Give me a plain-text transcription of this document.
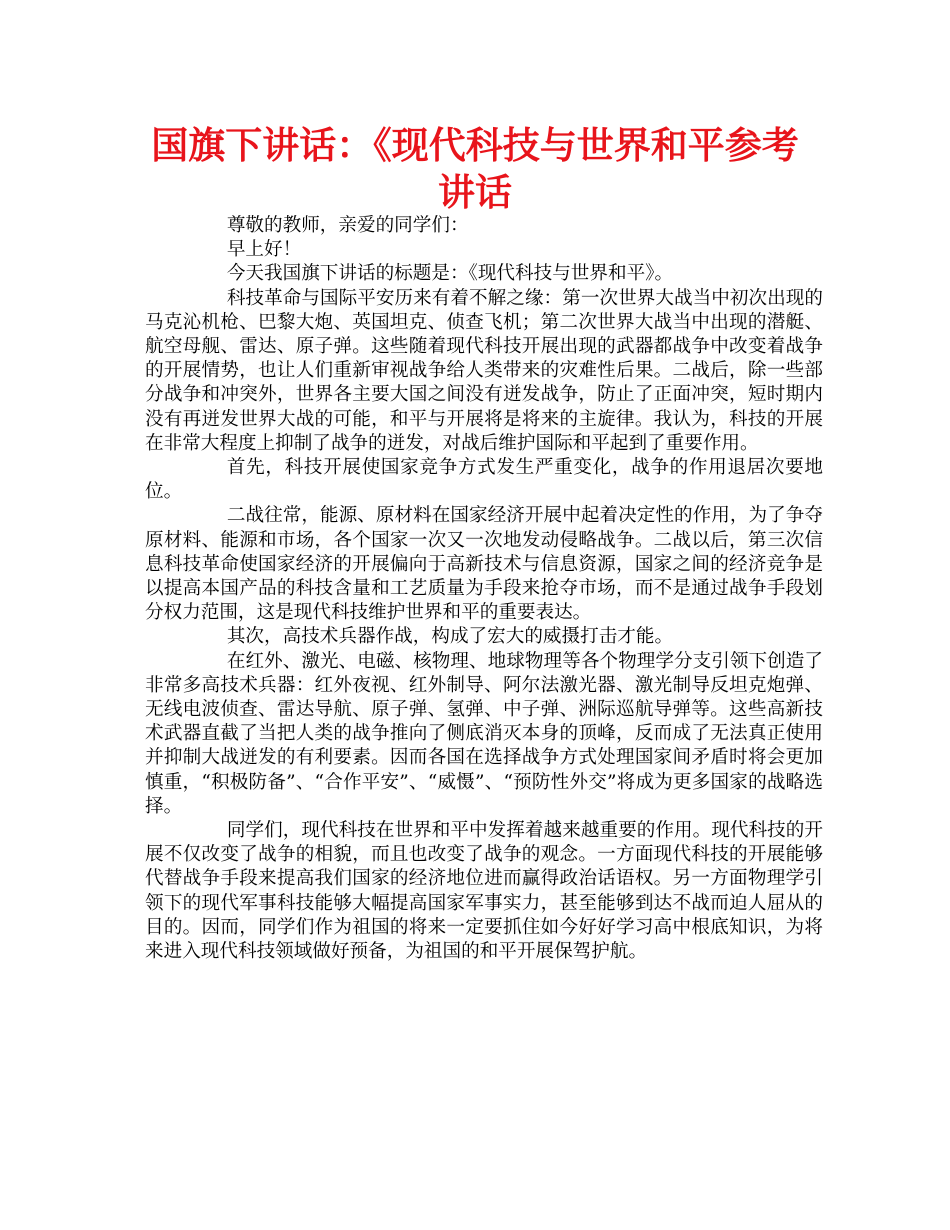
国旗下讲话：《现代科技与世界和平参考讲话

尊敬的教师，亲爱的同学们：

早上好！

今天我国旗下讲话的标题是：《现代科技与世界和平》。

科技革命与国际平安历来有着不解之缘：第一次世界大战当中初次出现的马克沁机枪、巴黎大炮、英国坦克、侦查飞机；第二次世界大战当中出现的潜艇、航空母舰、雷达、原子弹。这些随着现代科技开展出现的武器都战争中改变着战争的开展情势，也让人们重新审视战争给人类带来的灾难性后果。二战后，除一些部分战争和冲突外，世界各主要大国之间没有迸发战争，防止了正面冲突，短时期内没有再迸发世界大战的可能，和平与开展将是将来的主旋律。我认为，科技的开展在非常大程度上抑制了战争的迸发，对战后维护国际和平起到了重要作用。

首先，科技开展使国家竞争方式发生严重变化，战争的作用退居次要地位。

二战往常，能源、原材料在国家经济开展中起着决定性的作用，为了争夺原材料、能源和市场，各个国家一次又一次地发动侵略战争。二战以后，第三次信息科技革命使国家经济的开展偏向于高新技术与信息资源，国家之间的经济竞争是以提高本国产品的科技含量和工艺质量为手段来抢夺市场，而不是通过战争手段划分权力范围，这是现代科技维护世界和平的重要表达。

其次，高技术兵器作战，构成了宏大的威摄打击才能。

在红外、激光、电磁、核物理、地球物理等各个物理学分支引领下创造了非常多高技术兵器：红外夜视、红外制导、阿尔法激光器、激光制导反坦克炮弹、无线电波侦查、雷达导航、原子弹、氢弹、中子弹、洲际巡航导弹等。这些高新技术武器直截了当把人类的战争推向了侧底消灭本身的顶峰，反而成了无法真正使用并抑制大战迸发的有利要素。因而各国在选择战争方式处理国家间矛盾时将会更加慎重，“积极防备”、“合作平安”、“威慑”、“预防性外交”将成为更多国家的战略选择。

同学们，现代科技在世界和平中发挥着越来越重要的作用。现代科技的开展不仅改变了战争的相貌，而且也改变了战争的观念。一方面现代科技的开展能够代替战争手段来提高我们国家的经济地位进而赢得政治话语权。另一方面物理学引领下的现代军事科技能够大幅提高国家军事实力，甚至能够到达不战而迫人屈从的目的。因而，同学们作为祖国的将来一定要抓住如今好好学习高中根底知识，为将来进入现代科技领域做好预备，为祖国的和平开展保驾护航。
